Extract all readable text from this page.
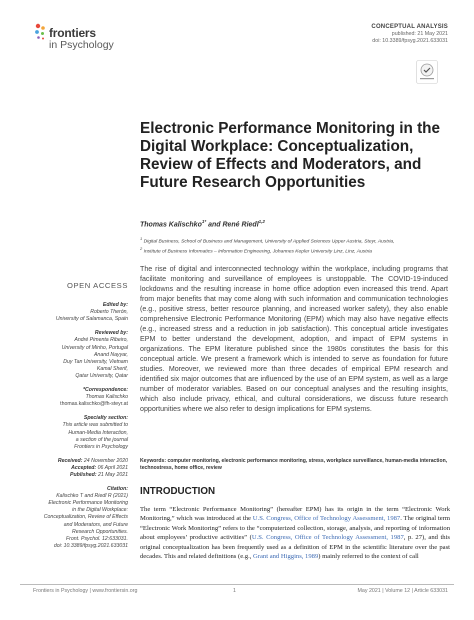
frontiers
in Psychology
CONCEPTUAL ANALYSIS
published: 21 May 2021
doi: 10.3389/fpsyg.2021.633031
Electronic Performance Monitoring in the Digital Workplace: Conceptualization, Review of Effects and Moderators, and Future Research Opportunities
Thomas Kalischko$^{1*}$ and René Riedl$^{1,2}$
$^1$ Digital Business, School of Business and Management, University of Applied Sciences Upper Austria, Steyr, Austria,
$^2$ Institute of Business Informatics – Information Engineering, Johannes Kepler University Linz, Linz, Austria

The rise of digital and interconnected technology within the workplace, including programs that facilitate monitoring and surveillance of employees is unstoppable. The COVID-19-induced lockdowns and the resulting increase in home office adoption even increased this trend. Apart from major benefits that may come along with such information and communication technologies (e.g., positive stress, better resource planning, and increased worker safety), they also enable comprehensive Electronic Performance Monitoring (EPM) which may also have negative effects (e.g., increased stress and a reduction in job satisfaction). This conceptual article investigates EPM to better understand the development, adoption, and impact of EPM systems in organizations. The EPM literature published since the 1980s constitutes the basis for this conceptual article. We present a framework which is intended to serve as foundation for future studies. Moreover, we reviewed more than three decades of empirical EPM research and identified six major outcomes that are influenced by the use of an EPM system, as well as a large number of moderator variables. Based on our conceptual analyses and the resulting insights, which also include privacy, ethical, and cultural considerations, we discuss future research opportunities where we also refer to design implications for EPM systems.

Keywords: computer monitoring, electronic performance monitoring, stress, workplace surveillance, human-media interaction, technostress, home office, review
INTRODUCTION

The term “Electronic Performance Monitoring” (hereafter EPM) has its origin in the term “Electronic Work Monitoring,” which was introduced at the U.S. Congress, Office of Technology Assessment, 1987. The original term “Electronic Work Monitoring” refers to the “computerized collection, storage, analysis, and reporting of information about employees’ productive activities” (U.S. Congress, Office of Technology Assessment, 1987, p. 27), and this original conceptualization has been frequently used as a definition of EPM in the scientific literature over the past decades. This and related definitions (e.g., Grant and Higgins, 1989) mainly referred to the context of call

OPEN ACCESS
Edited by:
Roberto Therón,
University of Salamanca, Spain
Reviewed by:
André Pimenta Ribeiro,
University of Minho, Portugal
Anand Nayyar,
Duy Tan University, Vietnam
Kamal Sherif,
Qatar University, Qatar
*Correspondence:
Thomas Kalischko
thomas.kalischko@fh-steyr.at
Specialty section:
This article was submitted to
Human-Media Interaction,
a section of the journal
Frontiers in Psychology
Received: 24 November 2020
Accepted: 06 April 2021
Published: 21 May 2021
Citation:
Kalischko T and Riedl R (2021)
Electronic Performance Monitoring
in the Digital Workplace:
Conceptualization, Review of Effects
and Moderators, and Future
Research Opportunities.
Front. Psychol. 12:633031.
doi: 10.3389/fpsyg.2021.633031
Frontiers in Psychology | www.frontiersin.org	1	May 2021 | Volume 12 | Article 633031
